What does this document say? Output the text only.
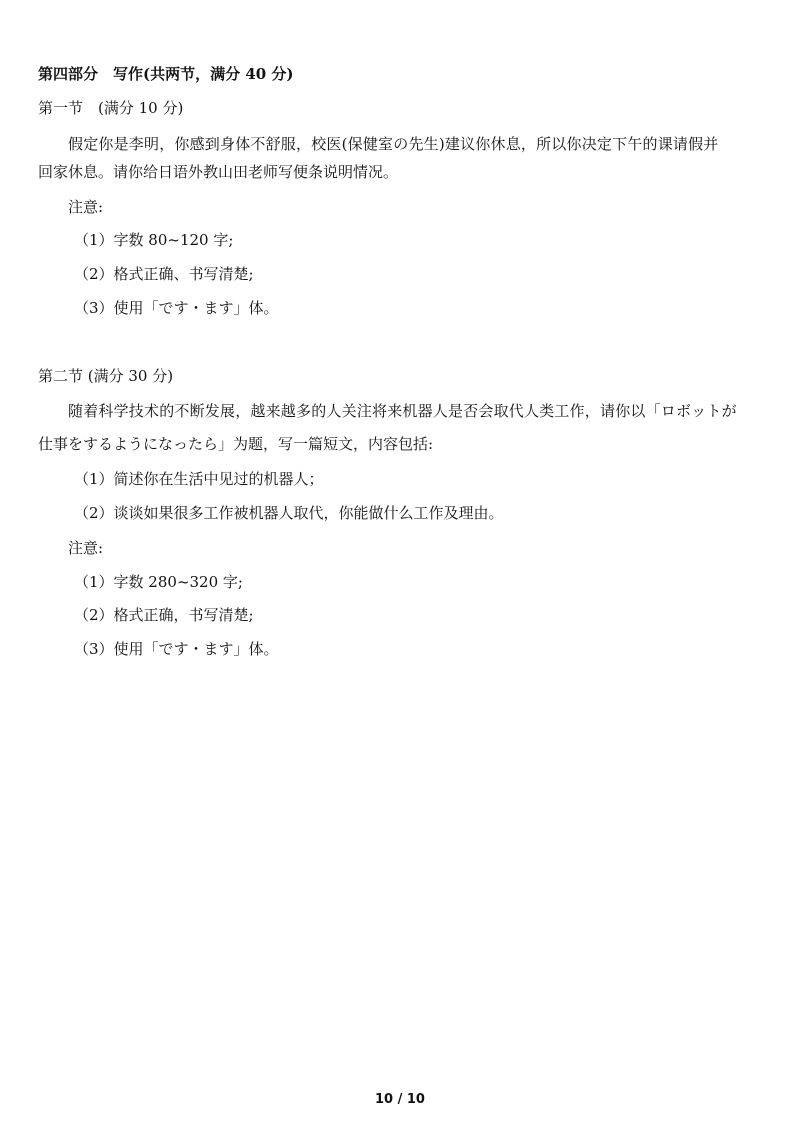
第四部分　写作(共两节，满分 40 分)
第一节　(满分 10 分)
假定你是李明，你感到身体不舒服，校医(保健室の先生)建议你休息，所以你决定下午的课请假并
回家休息。请你给日语外教山田老师写便条说明情况。
注意:
（1）字数 80~120 字;
（2）格式正确、书写清楚;
（3）使用「です・ます」体。
第二节 (满分 30 分)
随着科学技术的不断发展，越来越多的人关注将来机器人是否会取代人类工作，请你以「ロボットが
仕事をするようになったら」为题，写一篇短文，内容包括:
（1）简述你在生活中见过的机器人；
（2）谈谈如果很多工作被机器人取代，你能做什么工作及理由。
注意:
（1）字数 280~320 字;
（2）格式正确，书写清楚;
（3）使用「です・ます」体。
10 / 10
